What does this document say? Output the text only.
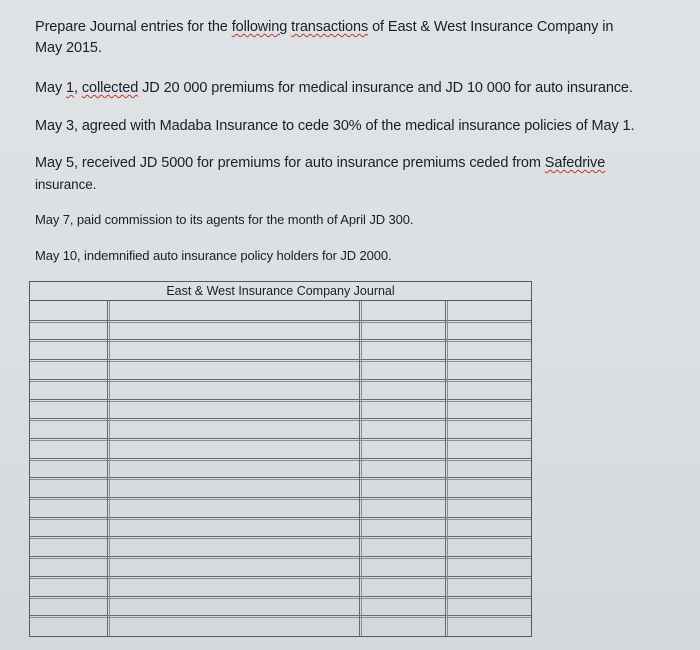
Prepare Journal entries for the following transactions of East & West Insurance Company in
May 2015.
May 1, collected JD 20 000 premiums for medical insurance and JD 10 000 for auto insurance.
May 3, agreed with Madaba Insurance to cede 30% of the medical insurance policies of May 1.
May 5, received JD 5000 for premiums for auto insurance premiums ceded from Safedrive
insurance.
May 7, paid commission to its agents for the month of April JD 300.
May 10, indemnified auto insurance policy holders for JD 2000.
East & West Insurance Company Journal
